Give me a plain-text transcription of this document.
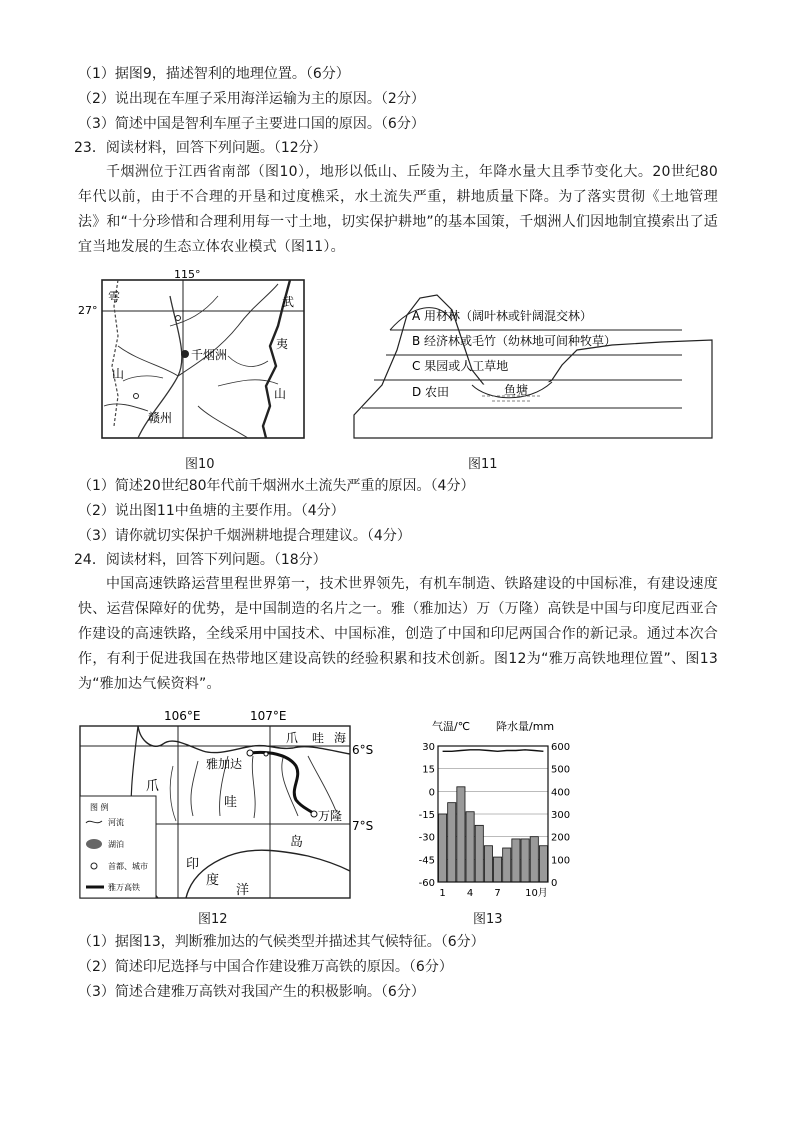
（1）据图9，描述智利的地理位置。（6分）
（2）说出现在车厘子采用海洋运输为主的原因。（2分）
（3）简述中国是智利车厘子主要进口国的原因。（6分）
23．阅读材料，回答下列问题。（12分）
千烟洲位于江西省南部（图10），地形以低山、丘陵为主，年降水量大且季节变化大。20世纪80年代以前，由于不合理的开垦和过度樵采，水土流失严重，耕地质量下降。为了落实贯彻《土地管理法》和“十分珍惜和合理利用每一寸土地，切实保护耕地”的基本国策，千烟洲人们因地制宜摸索出了适宜当地发展的生态立体农业模式（图11）。
115°
27°
雩
山
武
千烟洲
赣州
夷
山
图10
A 用材林（阔叶林或针阔混交林）
B 经济林或毛竹（幼林地可间种牧草）
C 果园或人工草地
D 农田	鱼塘
图11
（1）简述20世纪80年代前千烟洲水土流失严重的原因。（4分）
（2）说出图11中鱼塘的主要作用。（4分）
（3）请你就切实保护千烟洲耕地提合理建议。（4分）
24．阅读材料，回答下列问题。（18分）
中国高速铁路运营里程世界第一，技术世界领先，有机车制造、铁路建设的中国标准，有建设速度快、运营保障好的优势，是中国制造的名片之一。雅（雅加达）万（万隆）高铁是中国与印度尼西亚合作建设的高速铁路，全线采用中国技术、中国标准，创造了中国和印尼两国合作的新记录。通过本次合作，有利于促进我国在热带地区建设高铁的经验积累和技术创新。图12为“雅万高铁地理位置”、图13为“雅加达气候资料”。
106°E	107°E
6°S
7°S
雅加达
万隆
爪 哇 海
爪
哇
岛
印
度
洋
图 例
河流
湖泊
首都、城市
雅万高铁
图12
气温/℃ 降水量/mm
30
15
0
-15
-30
-45
-60
600
500
400
300
200
100
0
1 4 7 10月
图13
（1）据图13，判断雅加达的气候类型并描述其气候特征。（6分）
（2）简述印尼选择与中国合作建设雅万高铁的原因。（6分）
（3）简述合建雅万高铁对我国产生的积极影响。（6分）
